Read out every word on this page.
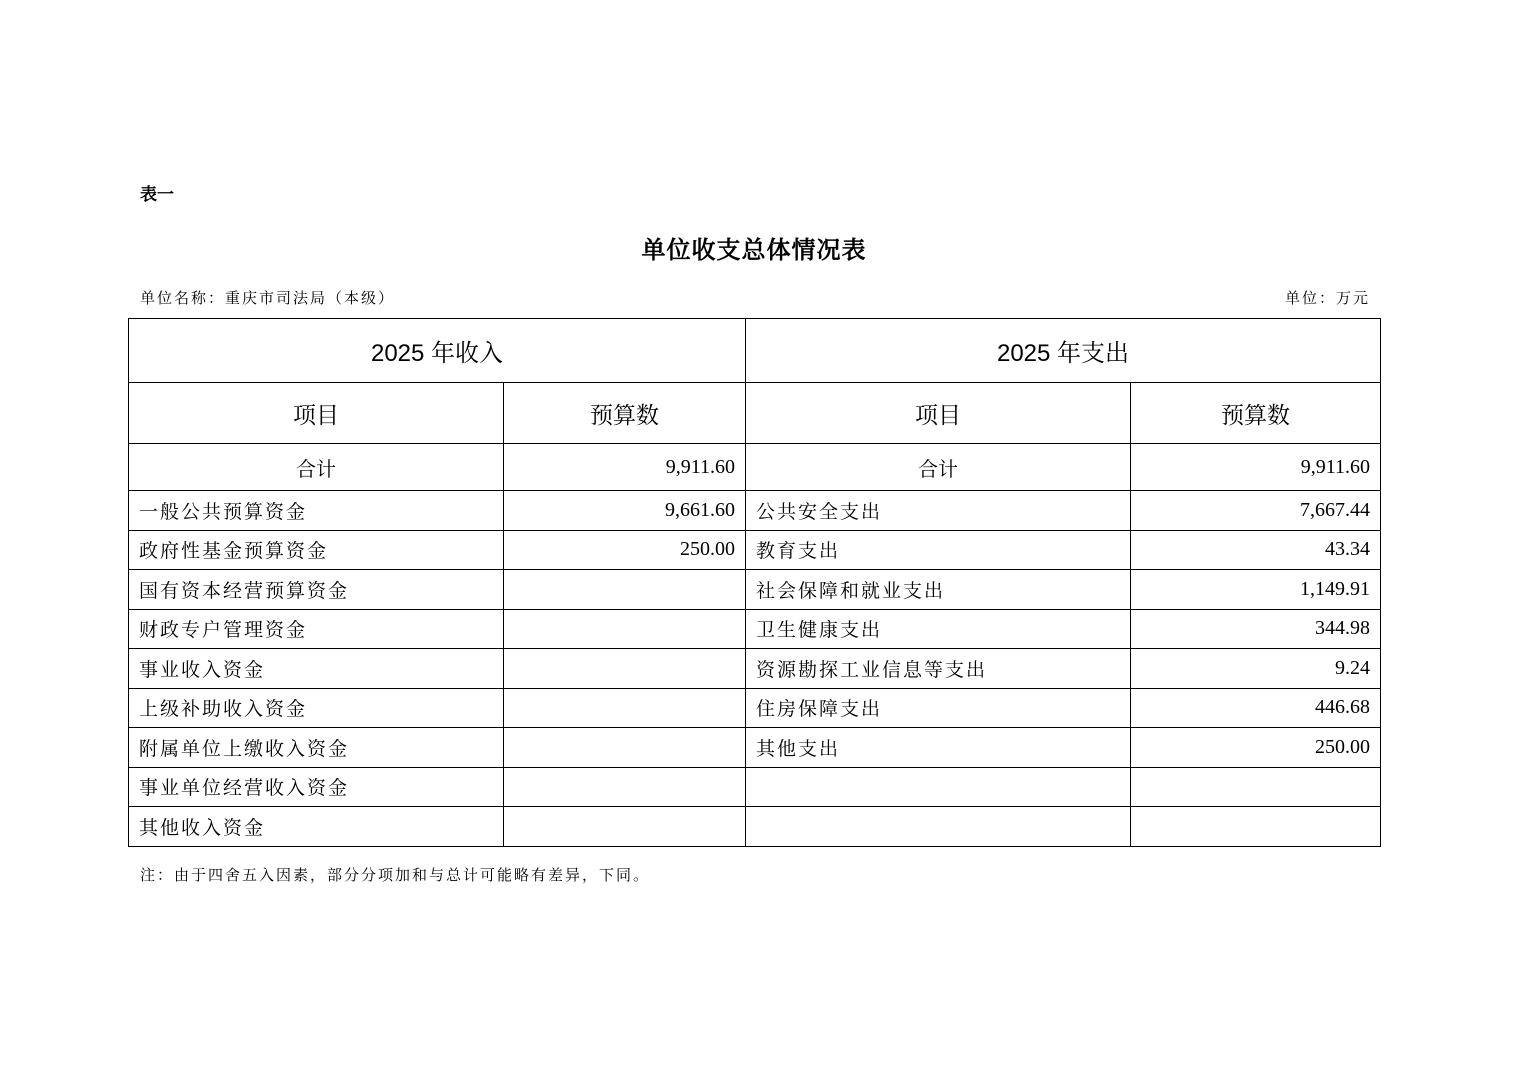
表一
单位收支总体情况表
单位名称：重庆市司法局（本级）	单位：万元
2025 年收入		2025 年支出	
项目	预算数	项目	预算数
合计	9,911.60	合计	9,911.60
一般公共预算资金	9,661.60	公共安全支出	7,667.44
政府性基金预算资金	250.00	教育支出	43.34
国有资本经营预算资金		社会保障和就业支出	1,149.91
财政专户管理资金		卫生健康支出	344.98
事业收入资金		资源勘探工业信息等支出	9.24
上级补助收入资金		住房保障支出	446.68
附属单位上缴收入资金		其他支出	250.00
事业单位经营收入资金			
其他收入资金			
注：由于四舍五入因素，部分分项加和与总计可能略有差异，下同。
